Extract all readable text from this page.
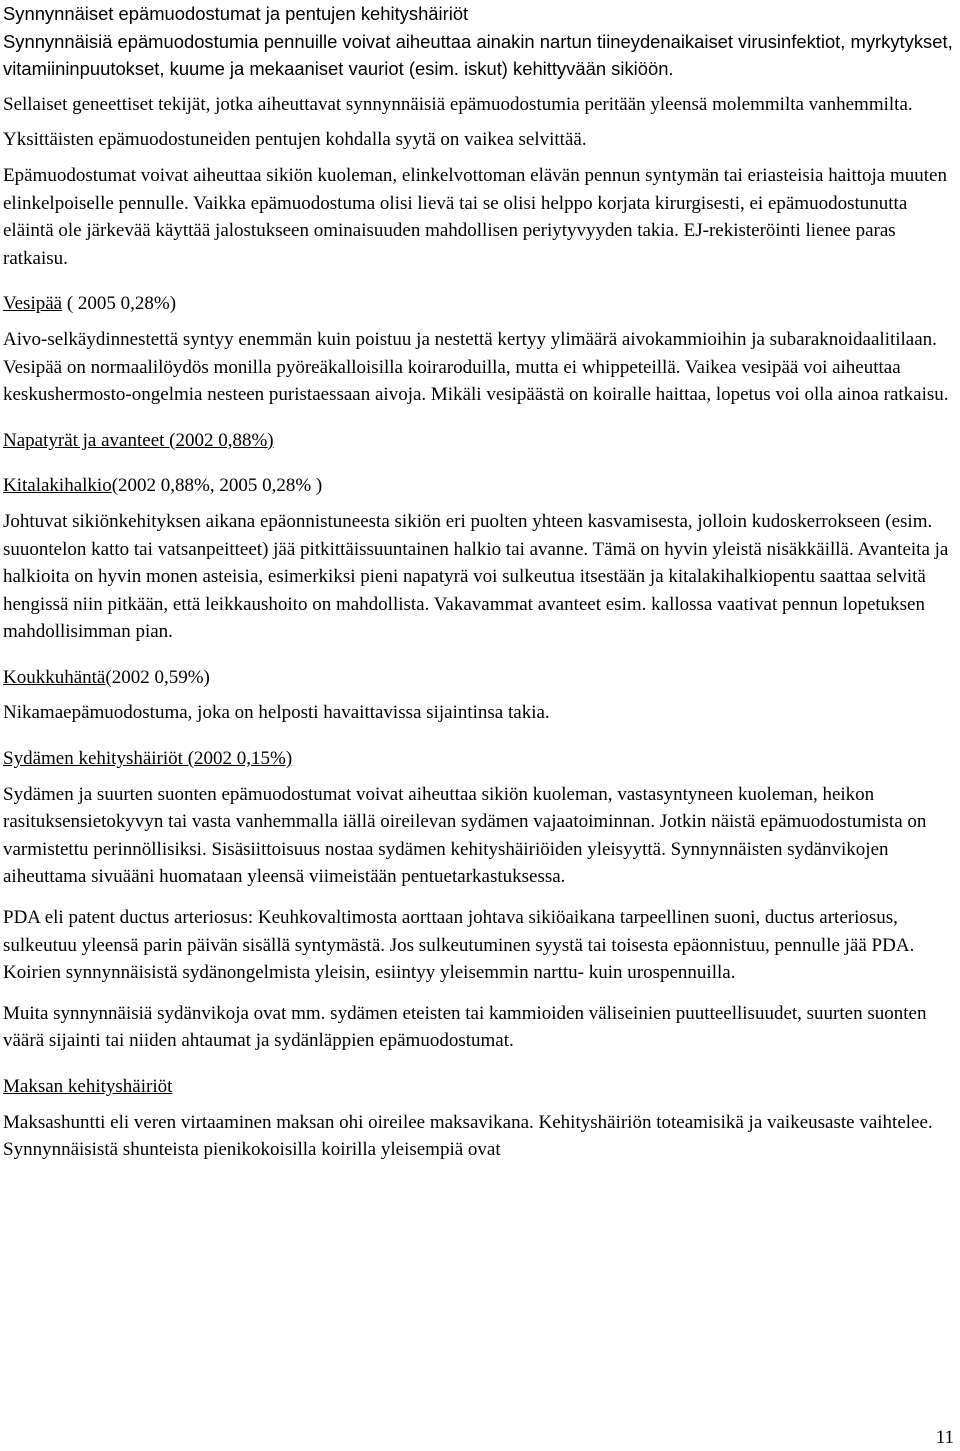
Synnynnäiset epämuodostumat ja pentujen kehityshäiriöt

Synnynnäisiä epämuodostumia pennuille voivat aiheuttaa ainakin nartun tiineydenaikaiset virusinfektiot, myrkytykset, vitamiininpuutokset, kuume ja mekaaniset vauriot (esim. iskut) kehittyvään sikiöön.

Sellaiset geneettiset tekijät, jotka aiheuttavat synnynnäisiä epämuodostumia peritään yleensä molemmilta vanhemmilta.

Yksittäisten epämuodostuneiden pentujen kohdalla syytä on vaikea selvittää.

Epämuodostumat voivat aiheuttaa sikiön kuoleman, elinkelvottoman elävän pennun syntymän tai eriasteisia haittoja muuten elinkelpoiselle pennulle. Vaikka epämuodostuma olisi lievä tai se olisi helppo korjata kirurgisesti, ei epämuodostunutta eläintä ole järkevää käyttää jalostukseen ominaisuuden mahdollisen periytyvyyden takia. EJ-rekisteröinti lienee paras ratkaisu.

Vesipää ( 2005 0,28%)

Aivo-selkäydinnestettä syntyy enemmän kuin poistuu ja nestettä kertyy ylimäärä aivokammioihin ja subaraknoidaalitilaan. Vesipää on normaalilöydös monilla pyöreäkalloisilla koiraroduilla, mutta ei whippeteillä. Vaikea vesipää voi aiheuttaa keskushermosto-ongelmia nesteen puristaessaan aivoja. Mikäli vesipäästä on koiralle haittaa, lopetus voi olla ainoa ratkaisu.

Napatyrät ja avanteet (2002 0,88%)

Kitalakihalkio(2002 0,88%, 2005 0,28% )

Johtuvat sikiönkehityksen aikana epäonnistuneesta sikiön eri puolten yhteen kasvamisesta, jolloin kudoskerrokseen (esim. suuontelon katto tai vatsanpeitteet) jää pitkittäissuuntainen halkio tai avanne. Tämä on hyvin yleistä nisäkkäillä. Avanteita ja halkioita on hyvin monen asteisia, esimerkiksi pieni napatyrä voi sulkeutua itsestään ja kitalakihalkiopentu saattaa selvitä hengissä niin pitkään, että leikkaushoito on mahdollista. Vakavammat avanteet esim. kallossa vaativat pennun lopetuksen mahdollisimman pian.

Koukkuhäntä(2002 0,59%)

Nikamaepämuodostuma, joka on helposti havaittavissa sijaintinsa takia.

Sydämen kehityshäiriöt (2002 0,15%)

Sydämen ja suurten suonten epämuodostumat voivat aiheuttaa sikiön kuoleman, vastasyntyneen kuoleman, heikon rasituksensietokyvyn tai vasta vanhemmalla iällä oireilevan sydämen vajaatoiminnan. Jotkin näistä epämuodostumista on varmistettu perinnöllisiksi. Sisäsiittoisuus nostaa sydämen kehityshäiriöiden yleisyyttä. Synnynnäisten sydänvikojen aiheuttama sivuääni huomataan yleensä viimeistään pentuetarkastuksessa.

PDA eli patent ductus arteriosus: Keuhkovaltimosta aorttaan johtava sikiöaikana tarpeellinen suoni, ductus arteriosus, sulkeutuu yleensä parin päivän sisällä syntymästä. Jos sulkeutuminen syystä tai toisesta epäonnistuu, pennulle jää PDA. Koirien synnynnäisistä sydänongelmista yleisin, esiintyy yleisemmin narttu- kuin urospennuilla.

Muita synnynnäisiä sydänvikoja ovat mm. sydämen eteisten tai kammioiden väliseinien puutteellisuudet, suurten suonten väärä sijainti tai niiden ahtaumat ja sydänläppien epämuodostumat.

Maksan kehityshäiriöt

Maksashuntti eli veren virtaaminen maksan ohi oireilee maksavikana. Kehityshäiriön toteamisikä ja vaikeusaste vaihtelee. Synnynnäisistä shunteista pienikokoisilla koirilla yleisempiä ovat

11
